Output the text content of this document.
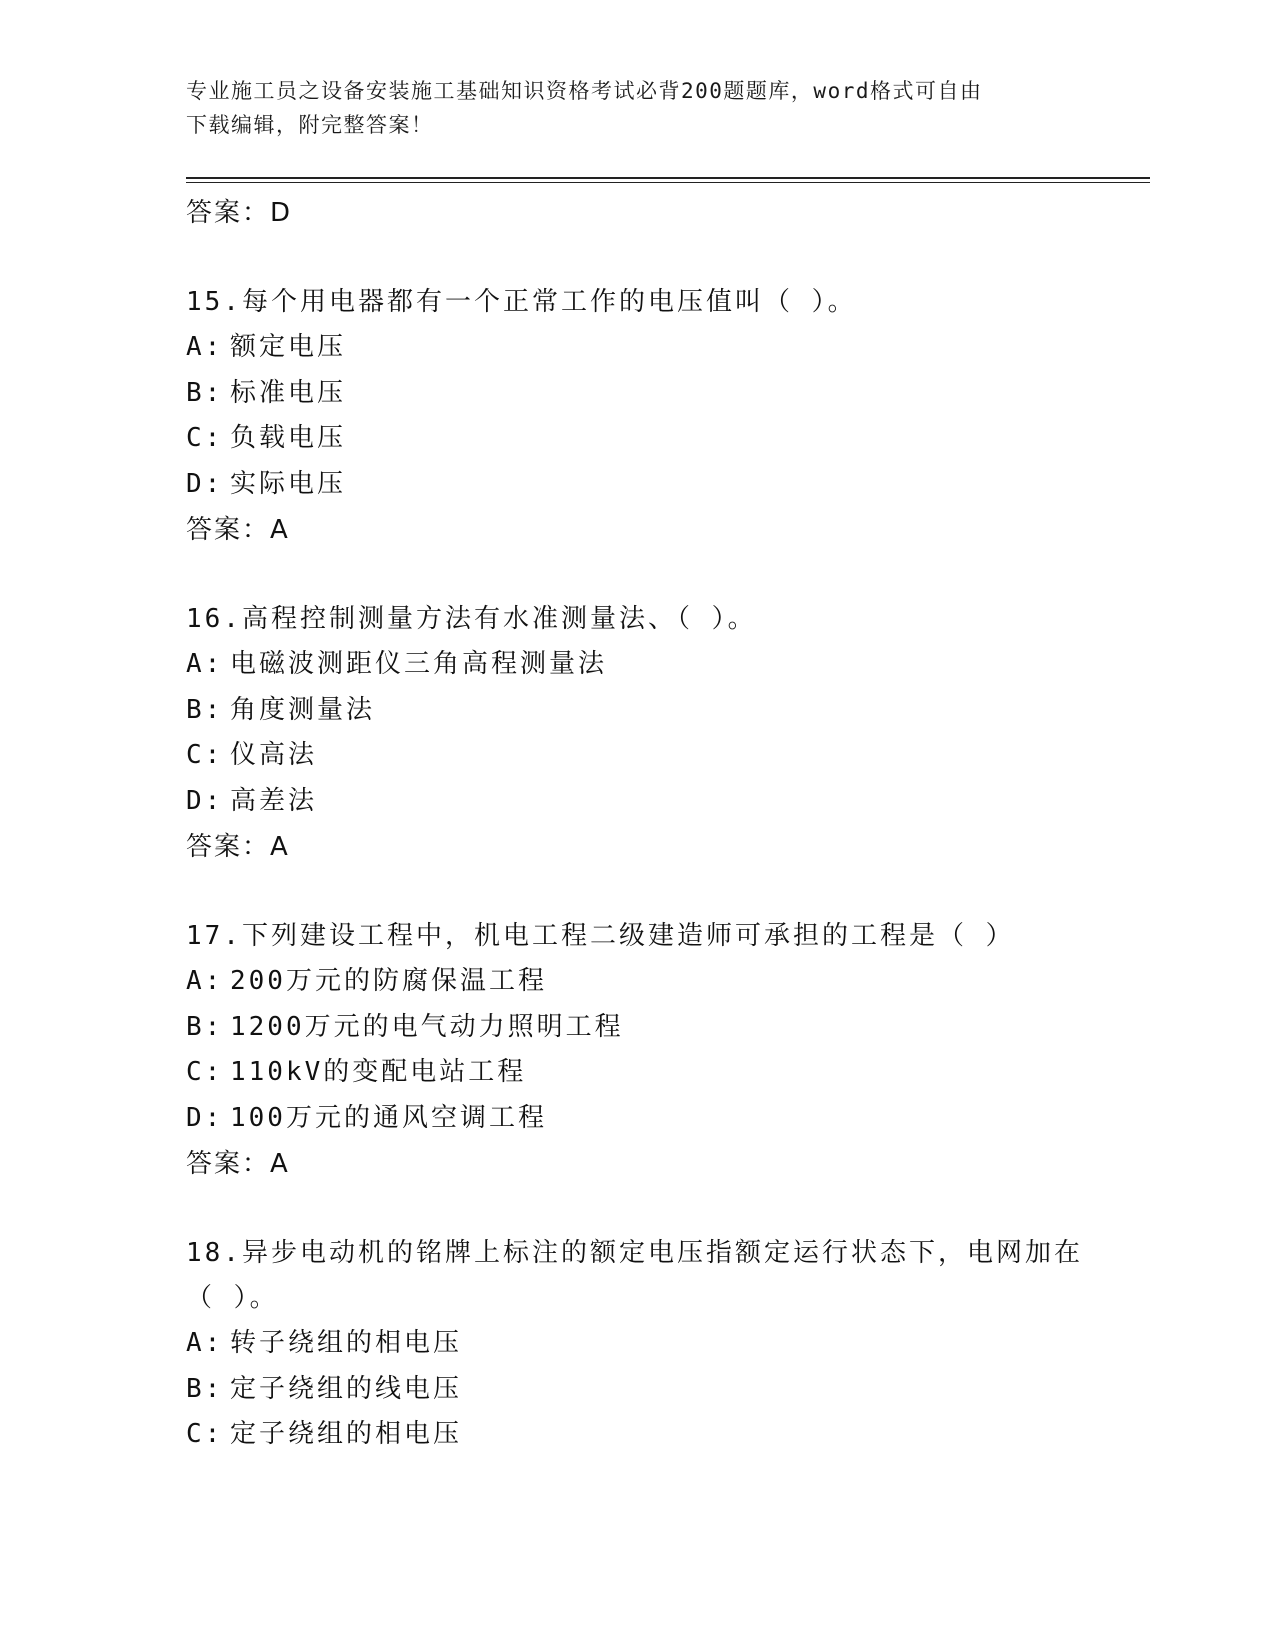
专业施工员之设备安装施工基础知识资格考试必背200题题库，word格式可自由
下载编辑，附完整答案！
答案：D
15.每个用电器都有一个正常工作的电压值叫（ ）。
A: 额定电压
B: 标准电压
C: 负载电压
D: 实际电压
答案：A
16.高程控制测量方法有水准测量法、（ ）。
A: 电磁波测距仪三角高程测量法
B: 角度测量法
C: 仪高法
D: 高差法
答案：A
17.下列建设工程中，机电工程二级建造师可承担的工程是（ ）
A: 200万元的防腐保温工程
B: 1200万元的电气动力照明工程
C: 110kV的变配电站工程
D: 100万元的通风空调工程
答案：A
18.异步电动机的铭牌上标注的额定电压指额定运行状态下，电网加在
（ ）。
A: 转子绕组的相电压
B: 定子绕组的线电压
C: 定子绕组的相电压
